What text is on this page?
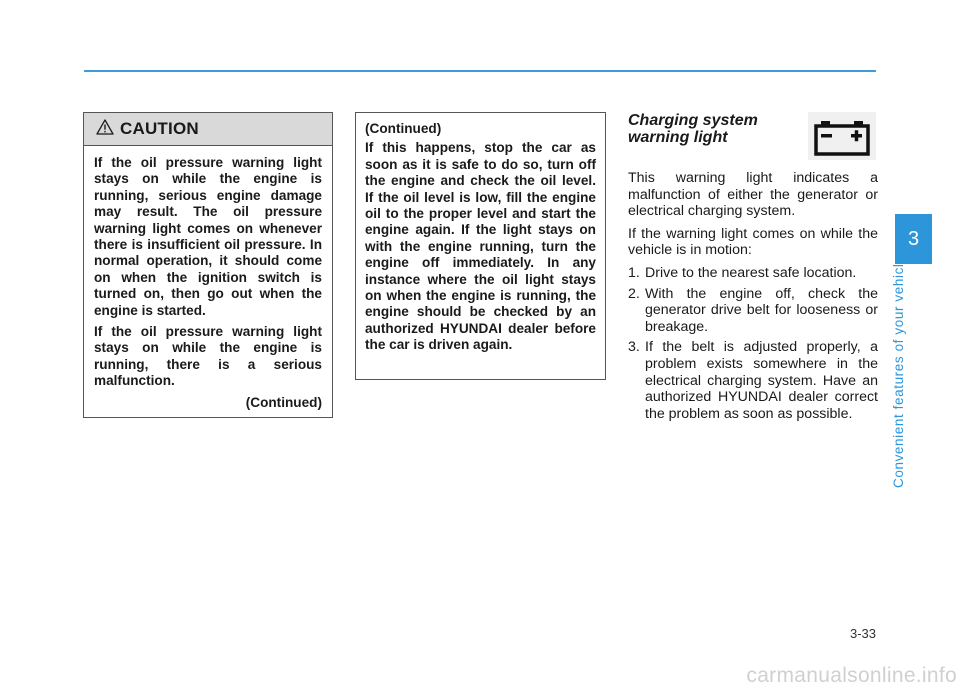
CAUTION

If the oil pressure warning light stays on while the engine is running, serious engine damage may result. The oil pressure warning light comes on whenever there is insufficient oil pressure. In normal operation, it should come on when the ignition switch is turned on, then go out when the engine is started.

If the oil pressure warning light stays on while the engine is running, there is a serious malfunction.

(Continued)

(Continued)

If this happens, stop the car as soon as it is safe to do so, turn off the engine and check the oil level. If the oil level is low, fill the engine oil to the proper level and start the engine again. If the light stays on with the engine running, turn the engine off immediately. In any instance where the oil light stays on when the engine is running, the engine should be checked by an authorized HYUNDAI dealer before the car is driven again.

Charging system
warning light

This warning light indicates a malfunction of either the generator or electrical charging system.

If the warning light comes on while the vehicle is in motion:

1. Drive to the nearest safe location.
2. With the engine off, check the generator drive belt for looseness or breakage.
3. If the belt is adjusted properly, a problem exists somewhere in the electrical charging system. Have an authorized HYUNDAI dealer correct the problem as soon as possible.
3
Convenient features of your vehicle
3-33
carmanualsonline.info
